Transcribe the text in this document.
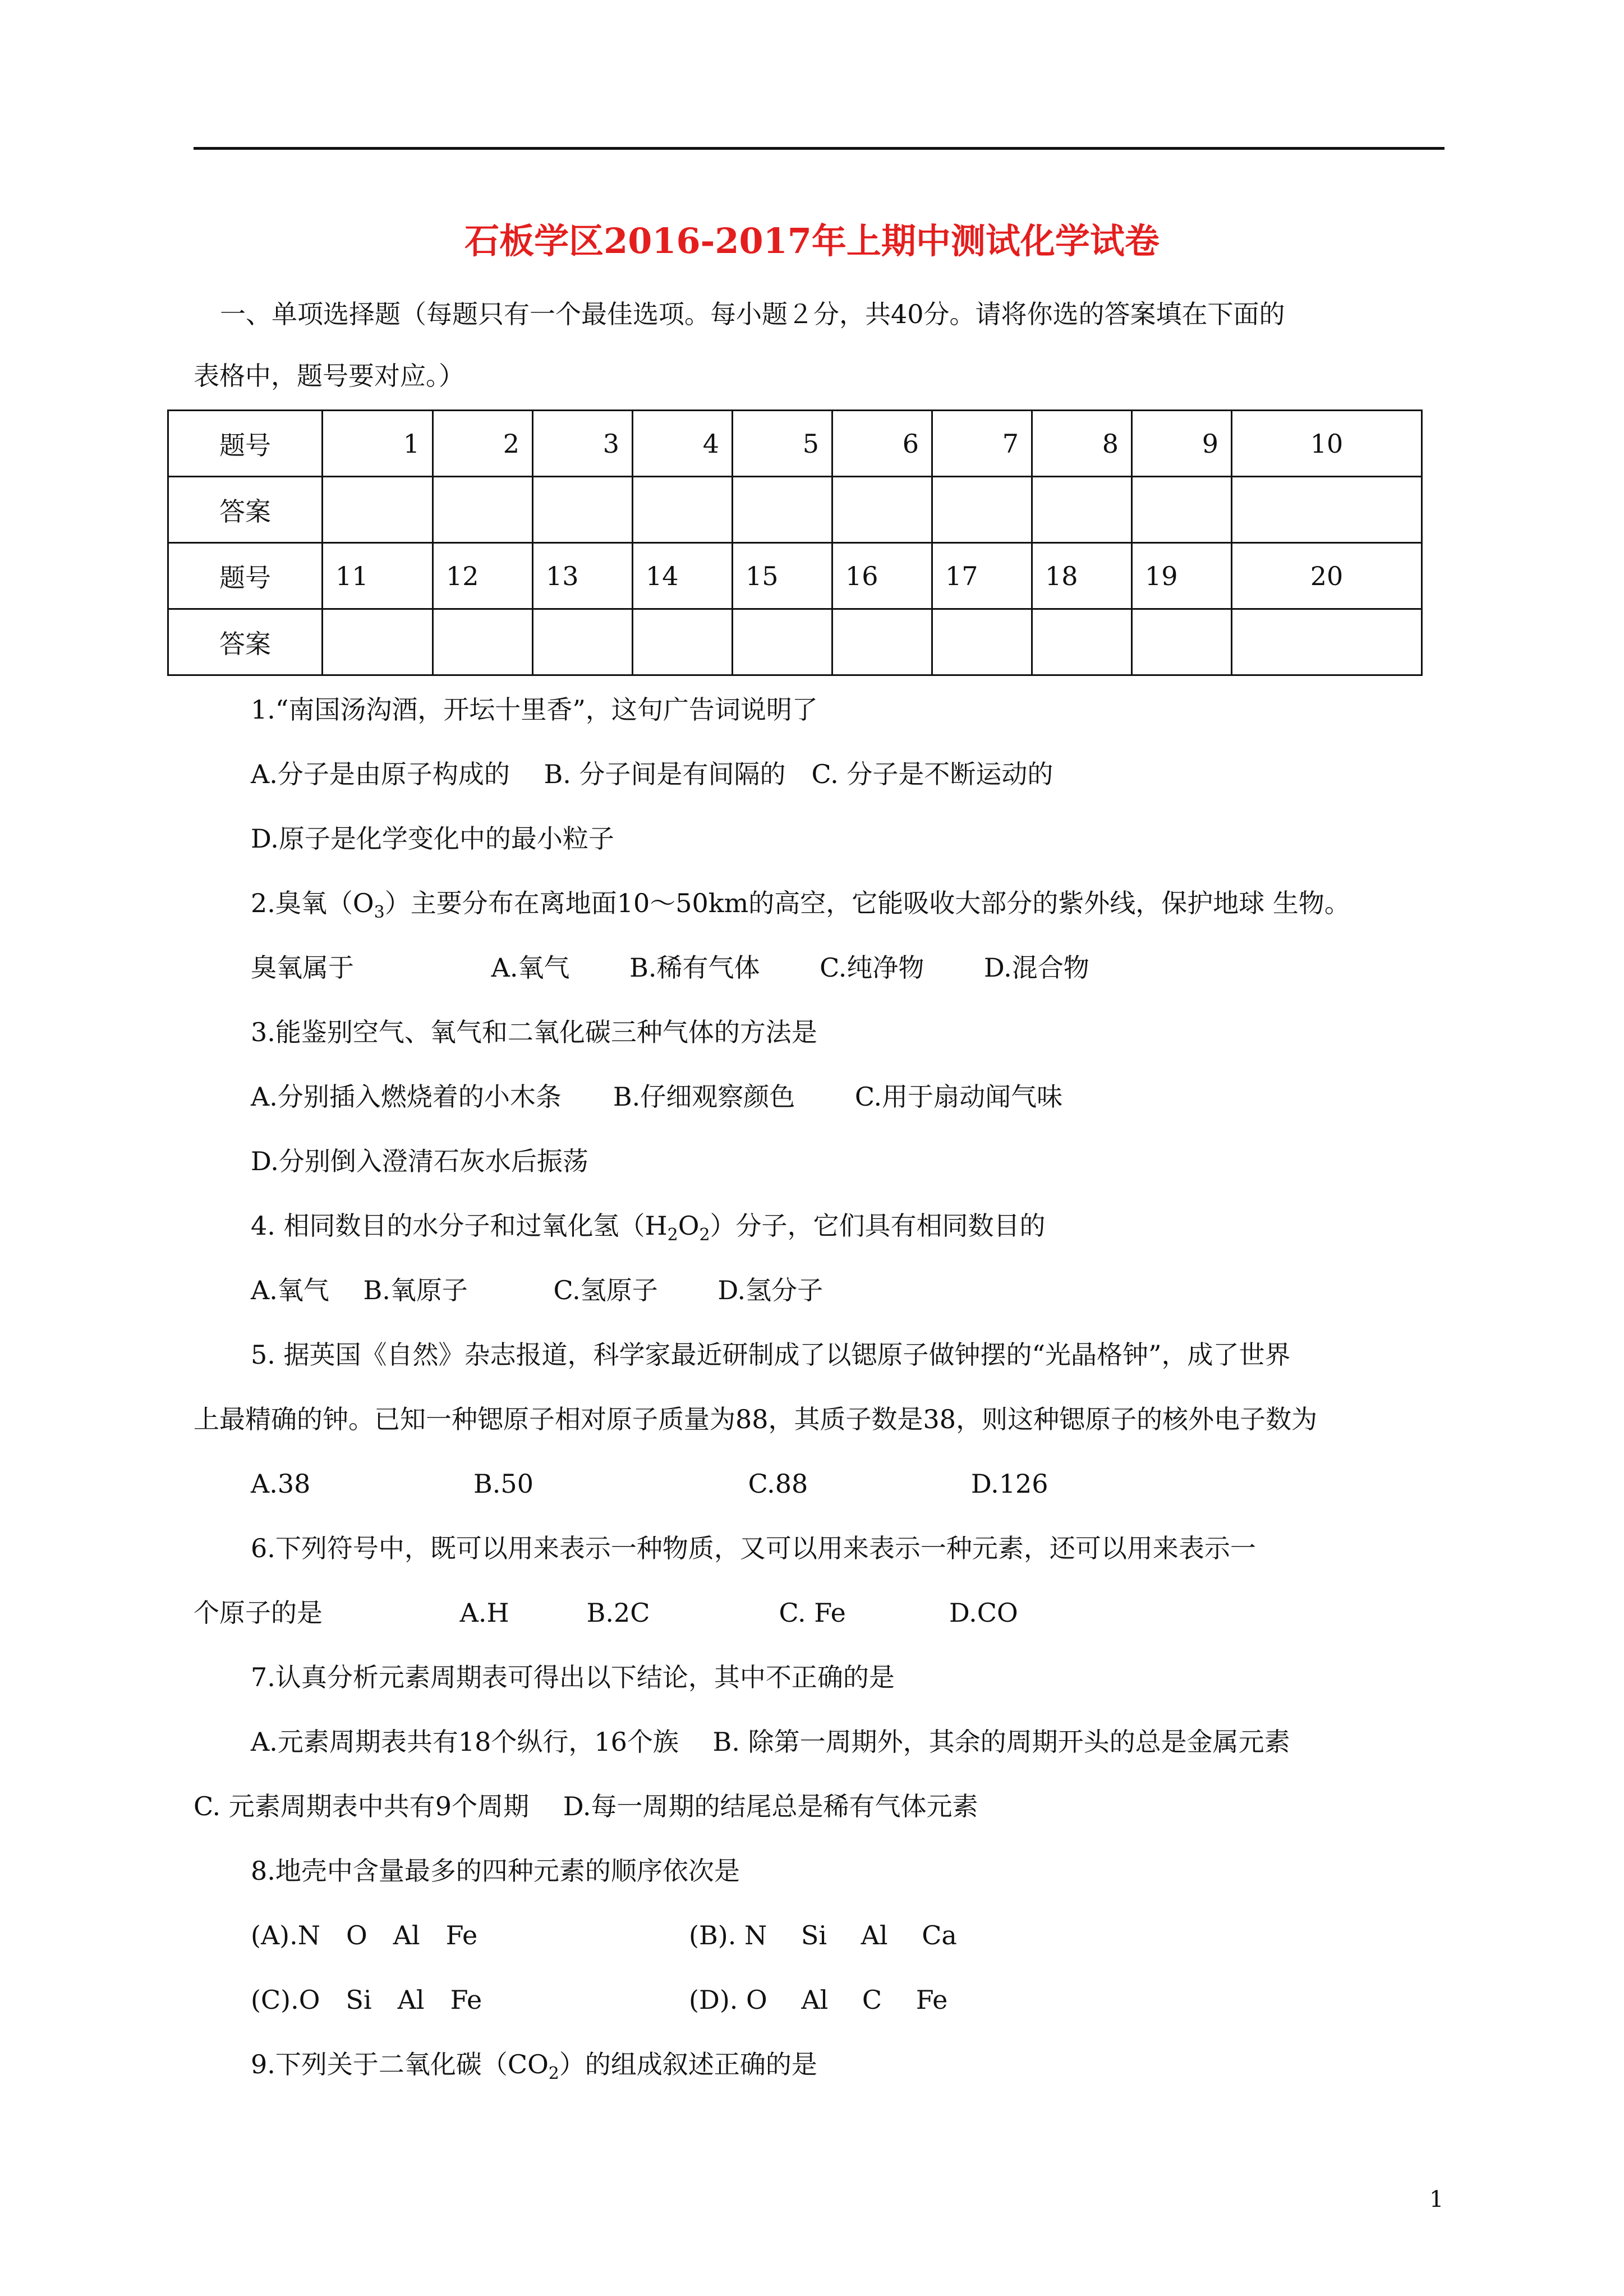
石板学区2016-2017年上期中测试化学试卷
一、单项选择题（每题只有一个最佳选项。每小题２分，共40分。请将你选的答案填在下面的
表格中，题号要对应。）
题号	1	2	3	4	5	6	7	8	9	10
答案										
题号	11	12	13	14	15	16	17	18	19	20
答案										
1.“南国汤沟酒，开坛十里香”，这句广告词说明了
A.分子是由原子构成的　 B. 分子间是有间隔的　C. 分子是不断运动的
D.原子是化学变化中的最小粒子
2.臭氧$(O_3)$主要分布在离地面10～50km的高空，它能吸收大部分的紫外线，保护地球 生物。
臭氧属于　　　　　 A.氧气　　 B.稀有气体　　 C.纯净物　　 D.混合物
3.能鉴别空气、氧气和二氧化碳三种气体的方法是
A.分别插入燃烧着的小木条　　B.仔细观察颜色　　 C.用于扇动闻气味
D.分别倒入澄清石灰水后振荡
4. 相同数目的水分子和过氧化氢$(H_2O_2)$分子，它们具有相同数目的
A.氧气　 B.氧原子　　　 C.氢原子　　 D.氢分子
5. 据英国《自然》杂志报道，科学家最近研制成了以锶原子做钟摆的“光晶格钟”，成了世界
上最精确的钟。已知一种锶原子相对原子质量为88，其质子数是38，则这种锶原子的核外电子数为
A.38　　　　　　 B.50　　　　　　　　 C.88　　　　　　 D.126
6.下列符号中，既可以用来表示一种物质，又可以用来表示一种元素，还可以用来表示一
个原子的是　　　　　 A.H　　　B.2C　　　　　C. Fe　　　　D.CO
7.认真分析元素周期表可得出以下结论，其中不正确的是
A.元素周期表共有18个纵行，16个族　 B. 除第一周期外，其余的周期开头的总是金属元素
C. 元素周期表中共有9个周期　 D.每一周期的结尾总是稀有气体元素
8.地壳中含量最多的四种元素的顺序依次是
(A).N　O　Al　Fe	(B). N　 Si　 Al　 Ca
(C).O　Si　Al　Fe	(D). O　 Al　 C　 Fe
9.下列关于二氧化碳$(CO_2)$的组成叙述正确的是
1
